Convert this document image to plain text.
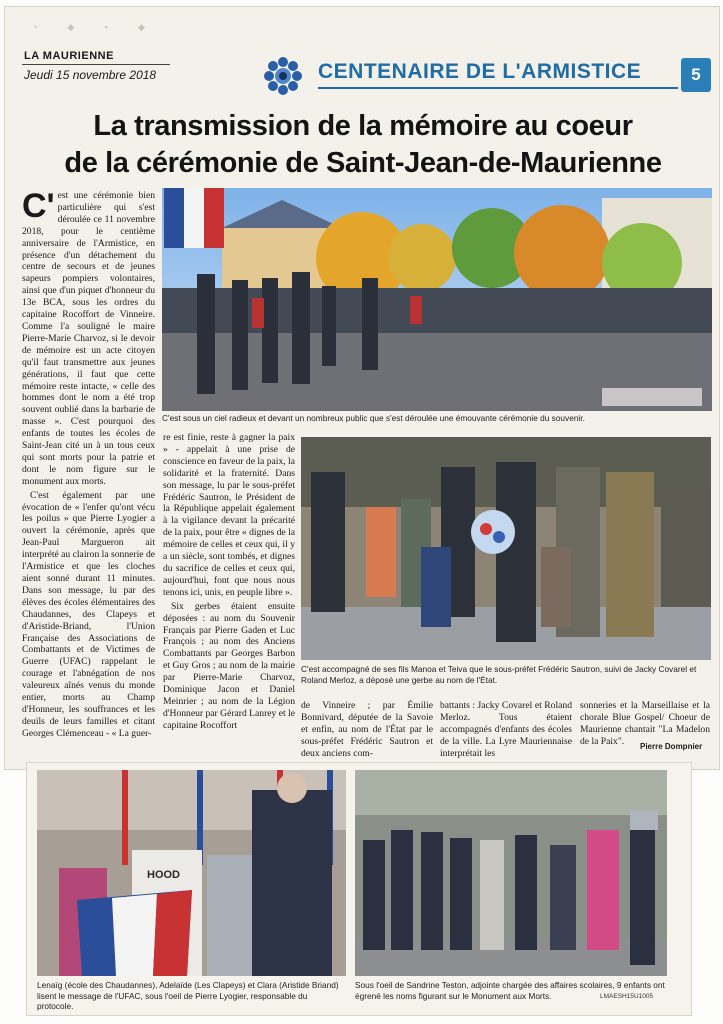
• ◆ ▪ ◆
LA MAURIENNE
Jeudi 15 novembre 2018	CENTENAIRE DE L'ARMISTICE	5
La transmission de la mémoire au coeur
de la cérémonie de Saint-Jean-de-Maurienne
C' est une cérémonie bien particulière qui s'est déroulée ce 11 novembre 2018, pour le centième anniversaire de l'Armistice, en présence d'un détachement du centre de secours et de jeunes sapeurs pompiers volontaires, ainsi que d'un piquet d'honneur du 13e BCA, sous les ordres du capitaine Rocoffort de Vinneire. Comme l'a souligné le maire Pierre-Marie Charvoz, si le devoir de mémoire est un acte citoyen qu'il faut transmettre aux jeunes générations, il faut que cette mémoire reste intacte, « celle des hommes dont le nom a été trop souvent oublié dans la barbarie de masse ». C'est pourquoi des enfants de toutes les écoles de Saint-Jean cité un à un tous ceux qui sont morts pour la patrie et dont le nom figure sur le monument aux morts.

C'est également par une évocation de « l'enfer qu'ont vécu les poilus » que Pierre Lyogier a ouvert la cérémonie, après que Jean-Paul Margueron ait interprété au clairon la sonnerie de l'Armistice et que les cloches aient sonné durant 11 minutes. Dans son message, lu par des élèves des écoles élémentaires des Chaudannes, des Clapeys et d'Aristide-Briand, l'Union Française des Associations de Combattants et de Victimes de Guerre (UFAC) rappelant le courage et l'abnégation de nos valeureux aînés venus du monde entier, morts au Champ d'Honneur, les souffrances et les deuils de leurs familles et citant Georges Clémenceau - « La guer-

re est finie, reste à gagner la paix » - appelait à une prise de conscience en faveur de la paix, la solidarité et la fraternité. Dans son message, lu par le sous-préfet Frédéric Sautron, le Président de la République appelait également à la vigilance devant la précarité de la paix, pour être « dignes de la mémoire de celles et ceux qui, il y a un siècle, sont tombés, et dignes du sacrifice de celles et ceux qui, aujourd'hui, font que nous nous tenons ici, unis, en peuple libre ».

Six gerbes étaient ensuite déposées : au nom du Souvenir Français par Pierre Gaden et Luc François ; au nom des Anciens Combattants par Georges Barbon et Guy Gros ; au nom de la mairie par Pierre-Marie Charvoz, Dominique Jacon et Daniel Meinrier ; au nom de la Légion d'Honneur par Gérard Lanrey et le capitaine Rocoffort

C'est sous un ciel radieux et devant un nombreux public que s'est déroulée une émouvante cérémonie du souvenir.
C'est accompagné de ses fils Manoa et Teiva que le sous-préfet Frédéric Sautron, suivi de Jacky Covarel et Roland Merloz, a déposé une gerbe au nom de l'État.

de Vinneire ; par Émilie Bonnivard, députée de la Savoie et enfin, au nom de l'État par le sous-préfet Frédéric Sautron et deux anciens com-

battants : Jacky Covarel et Roland Merloz. Tous étaient accompagnés d'enfants des écoles de la ville. La Lyre Mauriennaise interprétait les

sonneries et la Marseillaise et la chorale Blue Gospel/ Choeur de Maurienne chantait "La Madelon de la Paix".	Pierre Dompnier
HOOD
Lenaïg (école des Chaudannes), Adelaïde (Les Clapeys) et Clara (Aristide Briand) lisent le message de l'UFAC, sous l'oeil de Pierre Lyogier, responsable du protocole.
Sous l'oeil de Sandrine Teston, adjointe chargée des affaires scolaires, 9 enfants ont égrené les noms figurant sur le Monument aux Morts.	LMAESH15U1005
